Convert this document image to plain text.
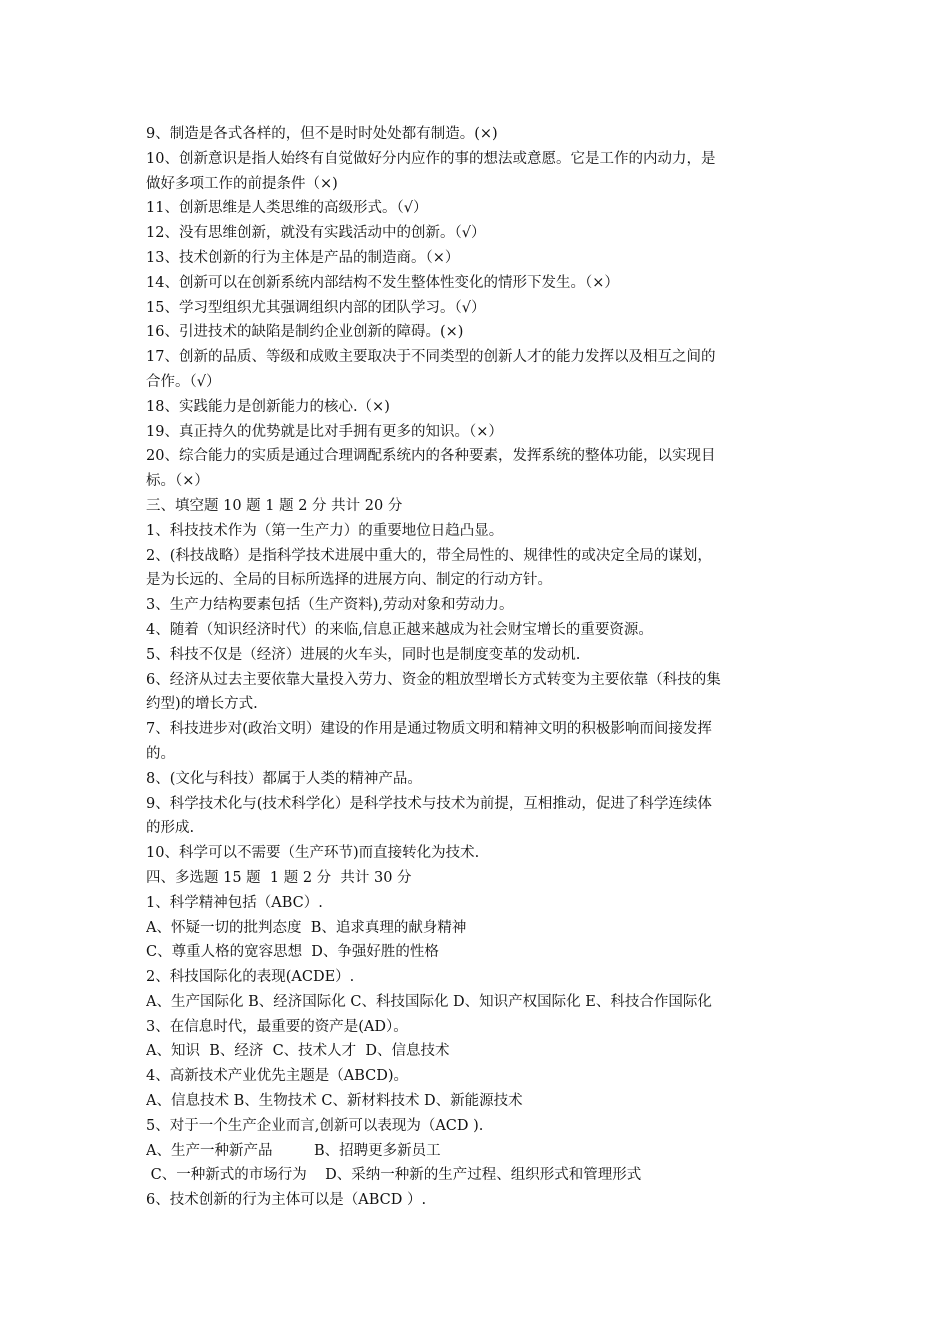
9、制造是各式各样的，但不是时时处处都有制造。(×)
10、创新意识是指人始终有自觉做好分内应作的事的想法或意愿。它是工作的内动力，是
做好多项工作的前提条件（×)
11、创新思维是人类思维的高级形式。（√）
12、没有思维创新，就没有实践活动中的创新。（√）
13、技术创新的行为主体是产品的制造商。（×）
14、创新可以在创新系统内部结构不发生整体性变化的情形下发生。（×）
15、学习型组织尤其强调组织内部的团队学习。（√）
16、引进技术的缺陷是制约企业创新的障碍。(×)
17、创新的品质、等级和成败主要取决于不同类型的创新人才的能力发挥以及相互之间的
合作。（√）
18、实践能力是创新能力的核心.（×)
19、真正持久的优势就是比对手拥有更多的知识。（×）
20、综合能力的实质是通过合理调配系统内的各种要素，发挥系统的整体功能，以实现目
标。（×）
三、填空题 10 题 1 题 2 分 共计 20 分
1、科技技术作为（第一生产力）的重要地位日趋凸显。
2、(科技战略）是指科学技术进展中重大的，带全局性的、规律性的或决定全局的谋划，
是为长远的、全局的目标所选择的进展方向、制定的行动方针。
3、生产力结构要素包括（生产资料),劳动对象和劳动力。
4、随着（知识经济时代）的来临,信息正越来越成为社会财宝增长的重要资源。
5、科技不仅是（经济）进展的火车头，同时也是制度变革的发动机.
6、经济从过去主要依靠大量投入劳力、资金的粗放型增长方式转变为主要依靠（科技的集
约型)的增长方式.
7、科技进步对(政治文明）建设的作用是通过物质文明和精神文明的积极影响而间接发挥
的。
8、(文化与科技）都属于人类的精神产品。
9、科学技术化与(技术科学化）是科学技术与技术为前提，互相推动，促进了科学连续体
的形成.
10、科学可以不需要（生产环节)而直接转化为技术.
四、多选题 15 题  1 题 2 分  共计 30 分
1、科学精神包括（ABC）.
A、怀疑一切的批判态度  B、追求真理的献身精神
C、尊重人格的宽容思想  D、争强好胜的性格
2、科技国际化的表现(ACDE）.
A、生产国际化 B、经济国际化 C、科技国际化 D、知识产权国际化 E、科技合作国际化
3、在信息时代，最重要的资产是(AD）。
A、知识  B、经济  C、技术人才  D、信息技术
4、高新技术产业优先主题是（ABCD)。
A、信息技术 B、生物技术 C、新材料技术 D、新能源技术
5、对于一个生产企业而言,创新可以表现为（ACD ).
A、生产一种新产品         B、招聘更多新员工
C、一种新式的市场行为    D、采纳一种新的生产过程、组织形式和管理形式
6、技术创新的行为主体可以是（ABCD ）.
